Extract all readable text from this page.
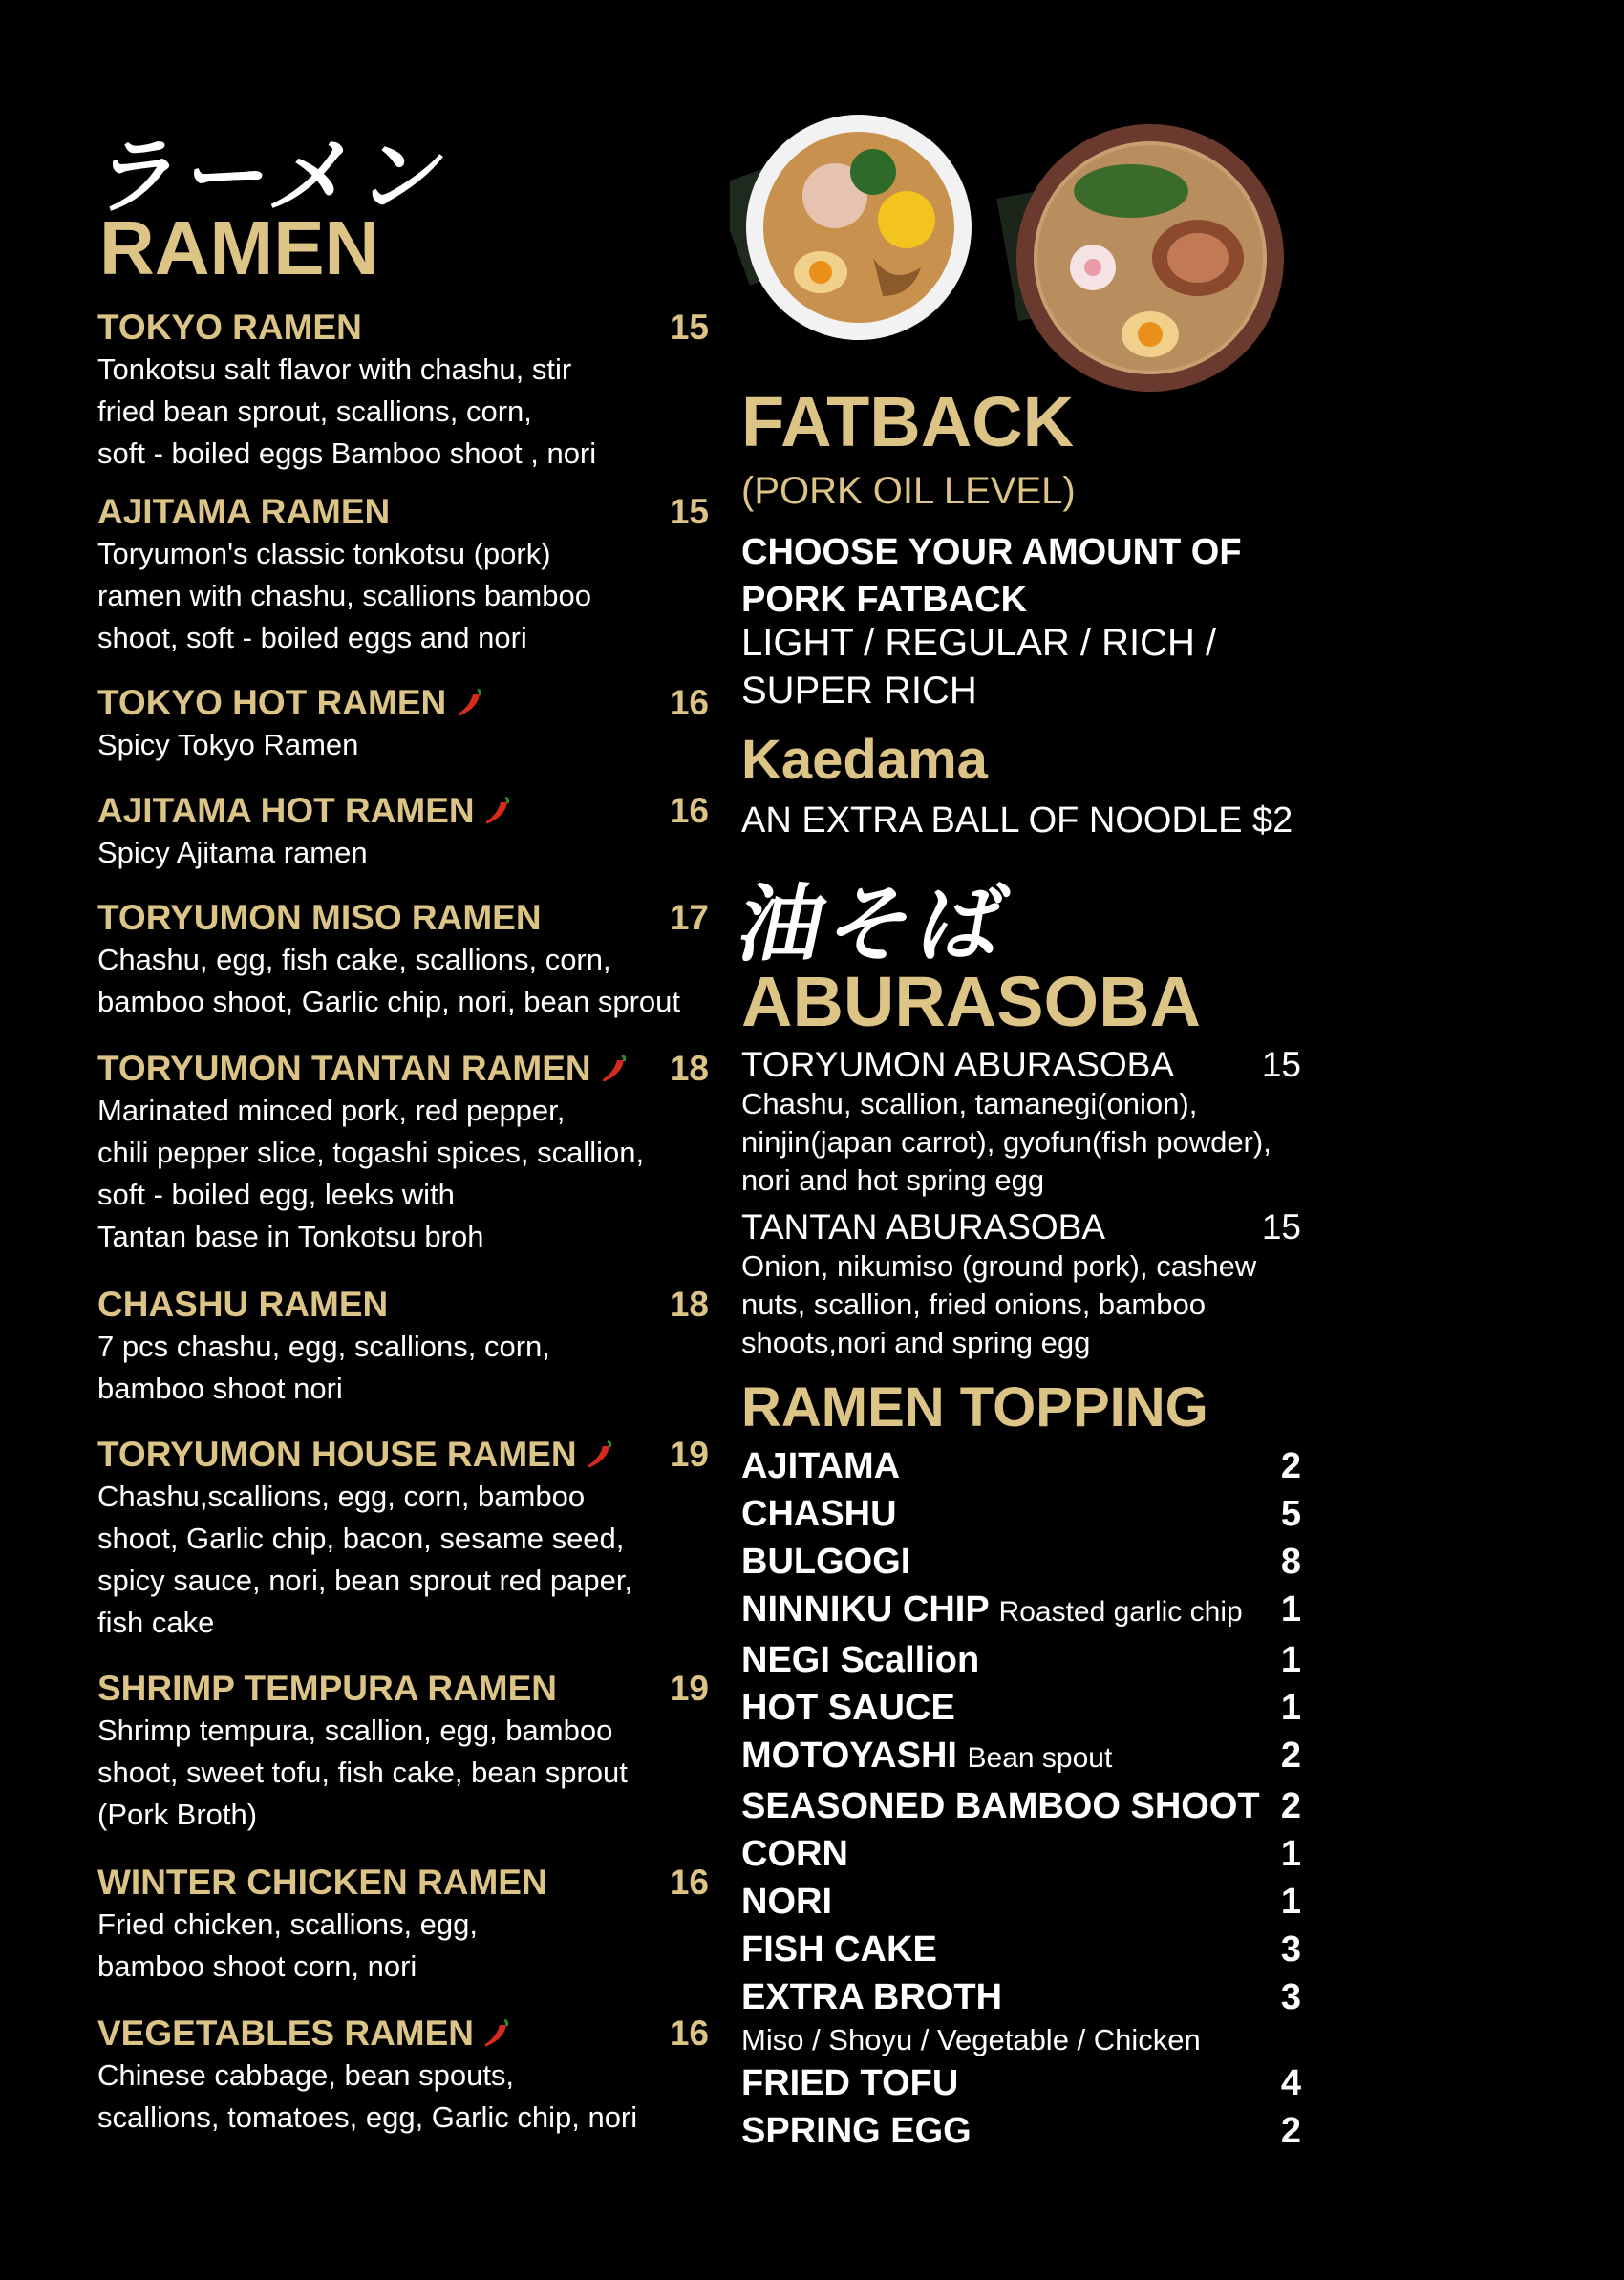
ラーメン
RAMEN
TOKYO RAMEN	15
Tonkotsu salt flavor with chashu, stir
fried bean sprout, scallions, corn,
soft - boiled eggs Bamboo shoot , nori
AJITAMA RAMEN	15
Toryumon's classic tonkotsu (pork)
ramen with chashu, scallions bamboo
shoot, soft - boiled eggs and nori
TOKYO HOT RAMEN	16
Spicy Tokyo Ramen
AJITAMA HOT RAMEN	16
Spicy Ajitama ramen
TORYUMON MISO RAMEN	17
Chashu, egg, fish cake, scallions, corn,
bamboo shoot, Garlic chip, nori, bean sprout
TORYUMON TANTAN RAMEN	18
Marinated minced pork, red pepper,
chili pepper slice, togashi spices, scallion,
soft - boiled egg, leeks with
Tantan base in Tonkotsu broh
CHASHU RAMEN	18
7 pcs chashu, egg, scallions, corn,
bamboo shoot nori
TORYUMON HOUSE RAMEN	19
Chashu,scallions, egg, corn, bamboo
shoot, Garlic chip, bacon, sesame seed,
spicy sauce, nori, bean sprout red paper,
fish cake
SHRIMP TEMPURA RAMEN	19
Shrimp tempura, scallion, egg, bamboo
shoot, sweet tofu, fish cake, bean sprout
(Pork Broth)
WINTER CHICKEN RAMEN	16
Fried chicken, scallions, egg,
bamboo shoot corn, nori
VEGETABLES RAMEN	16
Chinese cabbage, bean spouts,
scallions, tomatoes, egg, Garlic chip, nori
FATBACK
(PORK OIL LEVEL)
CHOOSE YOUR AMOUNT OF
PORK FATBACK
LIGHT / REGULAR / RICH /
SUPER RICH
Kaedama
AN EXTRA BALL OF NOODLE $2
油そば
ABURASOBA
TORYUMON ABURASOBA 15
Chashu, scallion, tamanegi(onion),
ninjin(japan carrot), gyofun(fish powder),
nori and hot spring egg
TANTAN ABURASOBA	15
Onion, nikumiso (ground pork), cashew
nuts, scallion, fried onions, bamboo
shoots,nori and spring egg
RAMEN TOPPING
AJITAMA	2
CHASHU	5
BULGOGI	8
NINNIKU CHIP Roasted garlic chip 1
NEGI Scallion	1
HOT SAUCE	1
MOTOYASHI Bean spout	2
SEASONED BAMBOO SHOOT 2
CORN	1
NORI	1
FISH CAKE	3
EXTRA BROTH	3
Miso / Shoyu / Vegetable / Chicken
FRIED TOFU	4
SPRING EGG	2
